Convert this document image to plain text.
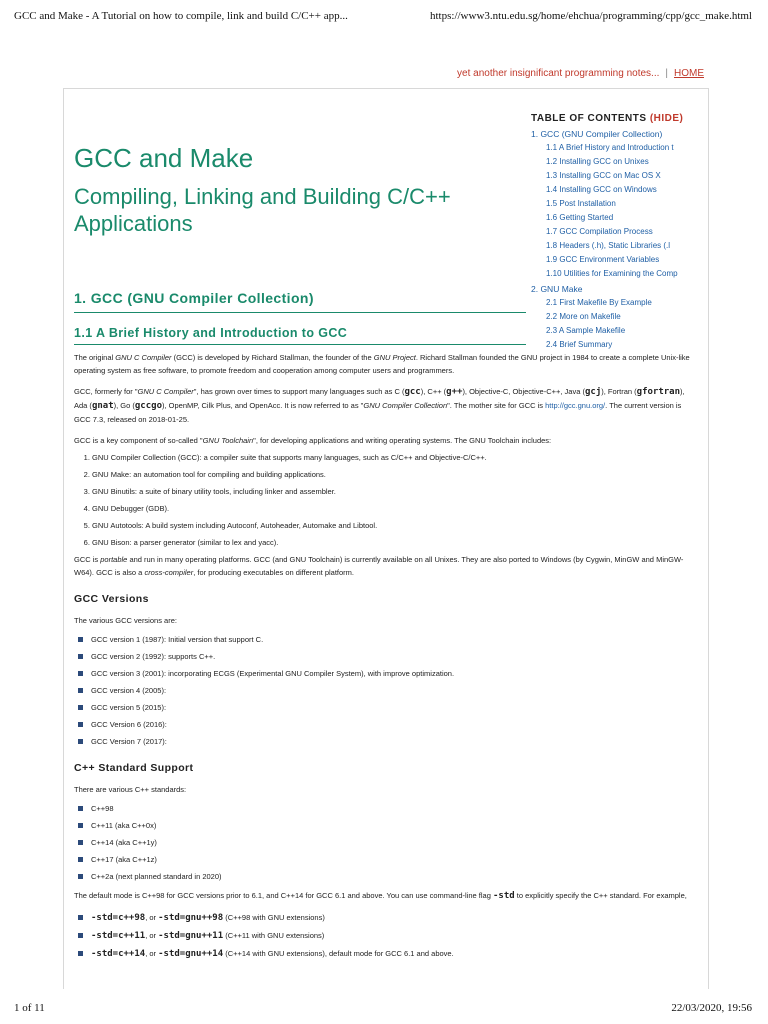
GCC and Make - A Tutorial on how to compile, link and build C/C++ app...	https://www3.ntu.edu.sg/home/ehchua/programming/cpp/gcc_make.html
yet another insignificant programming notes... | HOME
GCC and Make
Compiling, Linking and Building C/C++ Applications
TABLE OF CONTENTS (HIDE)
1. GCC (GNU Compiler Collection)
1.1 A Brief History and Introduction t
1.2 Installing GCC on Unixes
1.3 Installing GCC on Mac OS X
1.4 Installing GCC on Windows
1.5 Post Installation
1.6 Getting Started
1.7 GCC Compilation Process
1.8 Headers (.h), Static Libraries (.l
1.9 GCC Environment Variables
1.10 Utilities for Examining the Comp
2. GNU Make
2.1 First Makefile By Example
2.2 More on Makefile
2.3 A Sample Makefile
2.4 Brief Summary
1. GCC (GNU Compiler Collection)
1.1 A Brief History and Introduction to GCC

The original GNU C Compiler (GCC) is developed by Richard Stallman, the founder of the GNU Project. Richard Stallman founded the GNU project in 1984 to create a complete Unix-like operating system as free software, to promote freedom and cooperation among computer users and programmers.

GCC, formerly for "GNU C Compiler", has grown over times to support many languages such as C (gcc), C++ (g++), Objective-C, Objective-C++, Java (gcj), Fortran (gfortran), Ada (gnat), Go (gccgo), OpenMP, Cilk Plus, and OpenAcc. It is now referred to as "GNU Compiler Collection". The mother site for GCC is http://gcc.gnu.org/. The current version is GCC 7.3, released on 2018-01-25.

GCC is a key component of so-called "GNU Toolchain", for developing applications and writing operating systems. The GNU Toolchain includes:

1. GNU Compiler Collection (GCC): a compiler suite that supports many languages, such as C/C++ and Objective-C/C++.
2. GNU Make: an automation tool for compiling and building applications.
3. GNU Binutils: a suite of binary utility tools, including linker and assembler.
4. GNU Debugger (GDB).
5. GNU Autotools: A build system including Autoconf, Autoheader, Automake and Libtool.
6. GNU Bison: a parser generator (similar to lex and yacc).

GCC is portable and run in many operating platforms. GCC (and GNU Toolchain) is currently available on all Unixes. They are also ported to Windows (by Cygwin, MinGW and MinGW-W64). GCC is also a cross-compiler, for producing executables on different platform.

GCC Versions

The various GCC versions are:

GCC version 1 (1987): Initial version that support C.
GCC version 2 (1992): supports C++.
GCC version 3 (2001): incorporating ECGS (Experimental GNU Compiler System), with improve optimization.
GCC version 4 (2005):
GCC version 5 (2015):
GCC Version 6 (2016):
GCC Version 7 (2017):
C++ Standard Support

There are various C++ standards:

C++98
C++11 (aka C++0x)
C++14 (aka C++1y)
C++17 (aka C++1z)
C++2a (next planned standard in 2020)

The default mode is C++98 for GCC versions prior to 6.1, and C++14 for GCC 6.1 and above. You can use command-line flag -std to explicitly specify the C++ standard. For example,

-std=c++98, or -std=gnu++98 (C++98 with GNU extensions)
-std=c++11, or -std=gnu++11 (C++11 with GNU extensions)
-std=c++14, or -std=gnu++14 (C++14 with GNU extensions), default mode for GCC 6.1 and above.
1 of 11	22/03/2020, 19:56
